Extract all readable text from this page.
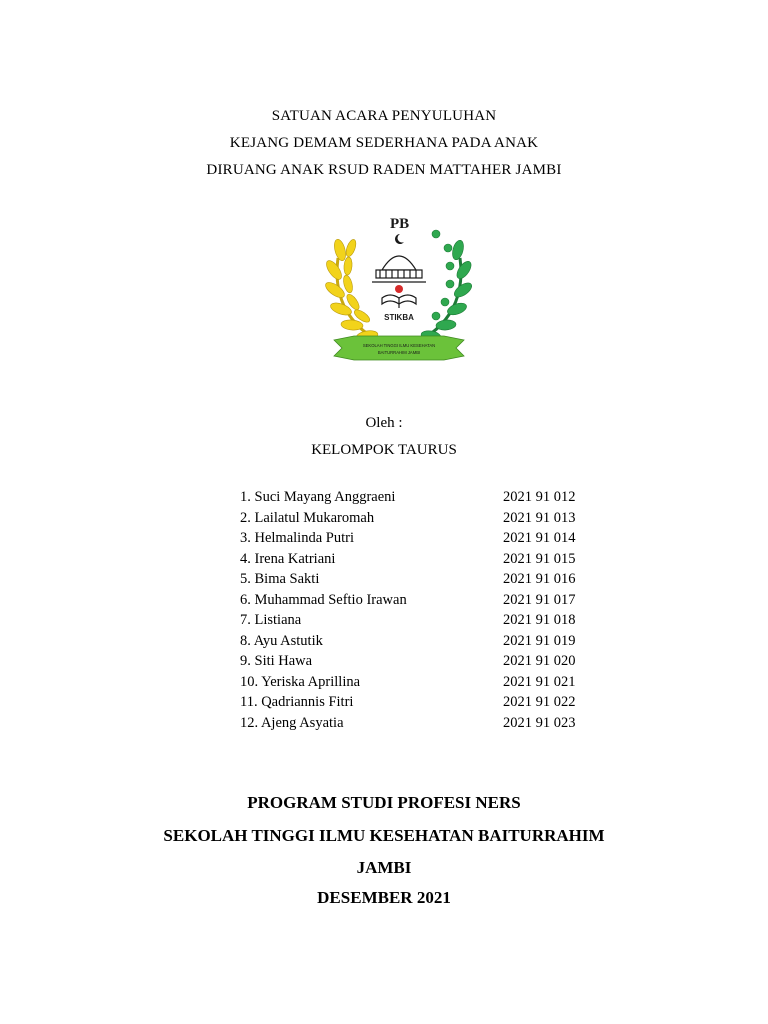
SATUAN ACARA PENYULUHAN
KEJANG DEMAM SEDERHANA PADA ANAK
DIRUANG ANAK RSUD RADEN MATTAHER JAMBI
PB
STIKBA
SEKOLAH TINGGI ILMU KESEHATAN
BAITURRAHIM JAMBI
Oleh :
KELOMPOK TAURUS
1. Suci Mayang Anggraeni	2021 91 012
2. Lailatul Mukaromah	2021 91 013
3. Helmalinda Putri	2021 91 014
4. Irena Katriani	2021 91 015
5. Bima Sakti	2021 91 016
6. Muhammad Seftio Irawan	2021 91 017
7. Listiana	2021 91 018
8. Ayu Astutik	2021 91 019
9. Siti Hawa	2021 91 020
10. Yeriska Aprillina	2021 91 021
11. Qadriannis Fitri	2021 91 022
12. Ajeng Asyatia	2021 91 023
PROGRAM STUDI PROFESI NERS
SEKOLAH TINGGI ILMU KESEHATAN BAITURRAHIM
JAMBI
DESEMBER 2021
